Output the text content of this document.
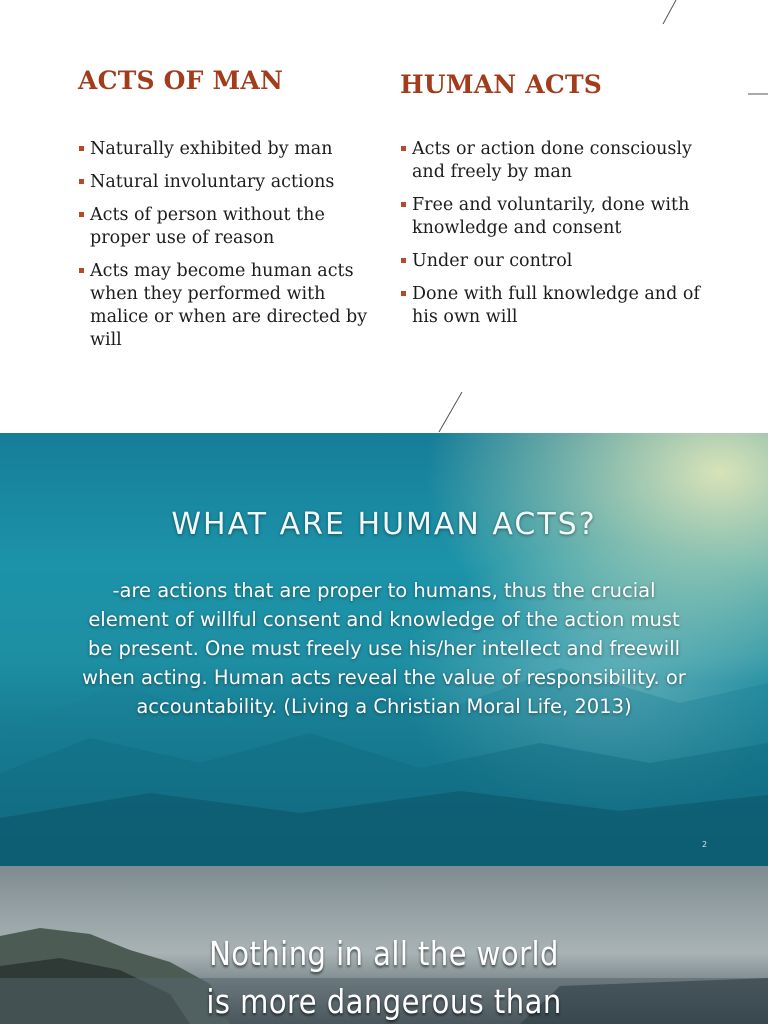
ACTS OF MAN
Naturally exhibited by man
Natural involuntary actions
Acts of person without the proper use of reason
Acts may become human acts when they performed with malice or when are directed by will
HUMAN ACTS
Acts or action done consciously and freely by man
Free and voluntarily, done with knowledge and consent
Under our control
Done with full knowledge and of his own will
WHAT ARE HUMAN ACTS?
-are actions that are proper to humans, thus the crucial element of willful consent and knowledge of the action must be present. One must freely use his/her intellect and freewill when acting. Human acts reveal the value of responsibility. or accountability. (Living a Christian Moral Life, 2013)
2
Nothing in all the world
is more dangerous than
